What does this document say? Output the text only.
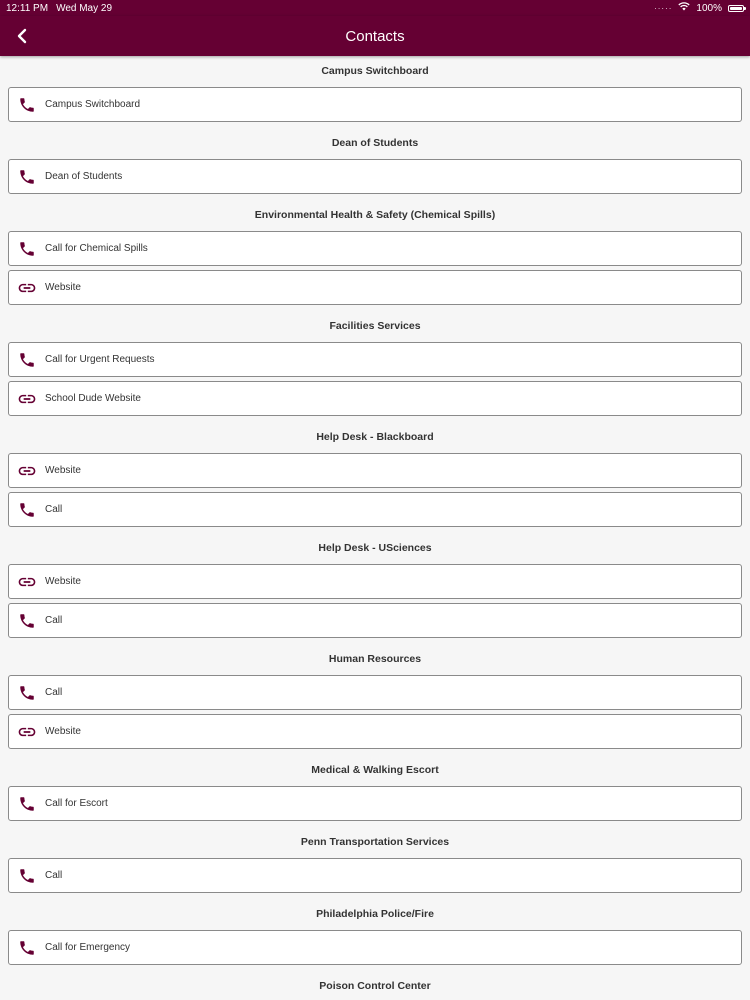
12:11 PM Wed May 29	····· 100%
Contacts
Campus Switchboard
Campus Switchboard
Dean of Students
Dean of Students
Environmental Health & Safety (Chemical Spills)
Call for Chemical Spills
Website
Facilities Services
Call for Urgent Requests
School Dude Website
Help Desk - Blackboard
Website
Call
Help Desk - USciences
Website
Call
Human Resources
Call
Website
Medical & Walking Escort
Call for Escort
Penn Transportation Services
Call
Philadelphia Police/Fire
Call for Emergency
Poison Control Center
